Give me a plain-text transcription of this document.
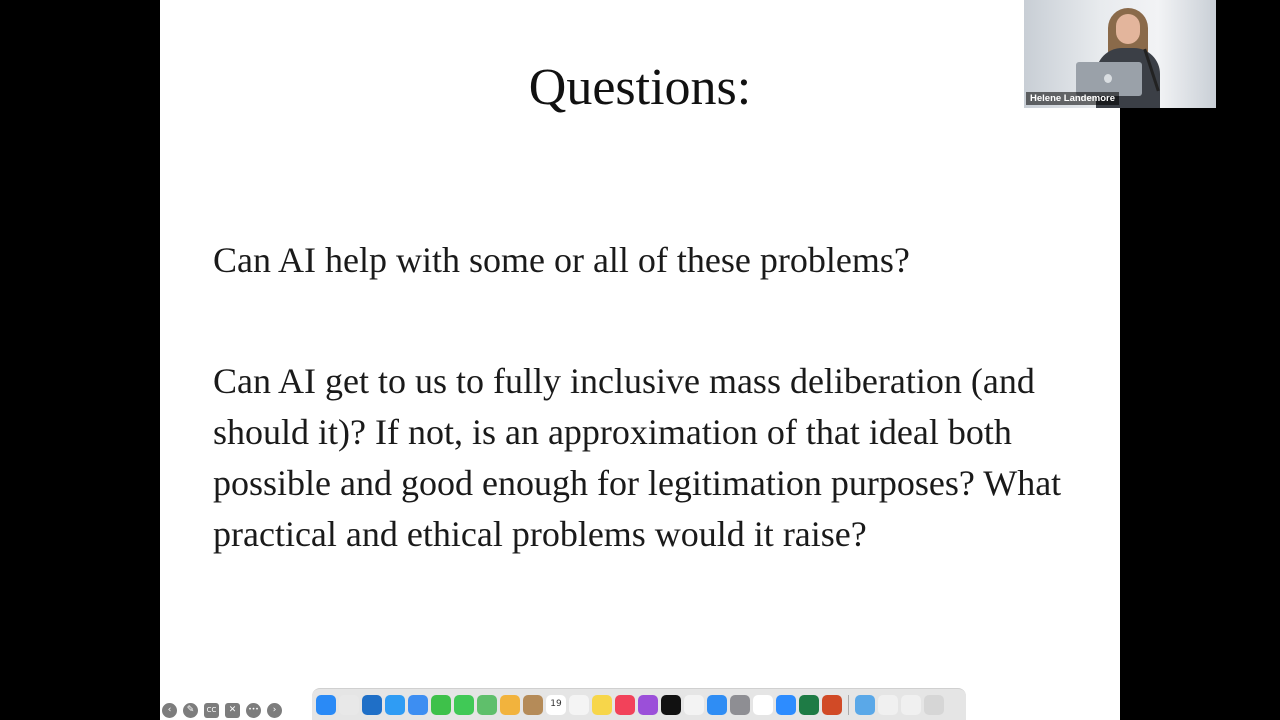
Questions:

Can AI help with some or all of these problems?

Can AI get to us to fully inclusive mass deliberation (and should it)? If not, is an approximation of that ideal both possible and good enough for legitimation purposes? What practical and ethical problems would it raise?

Helene Landemore
‹	✎	CC	✕	•••	›
19
